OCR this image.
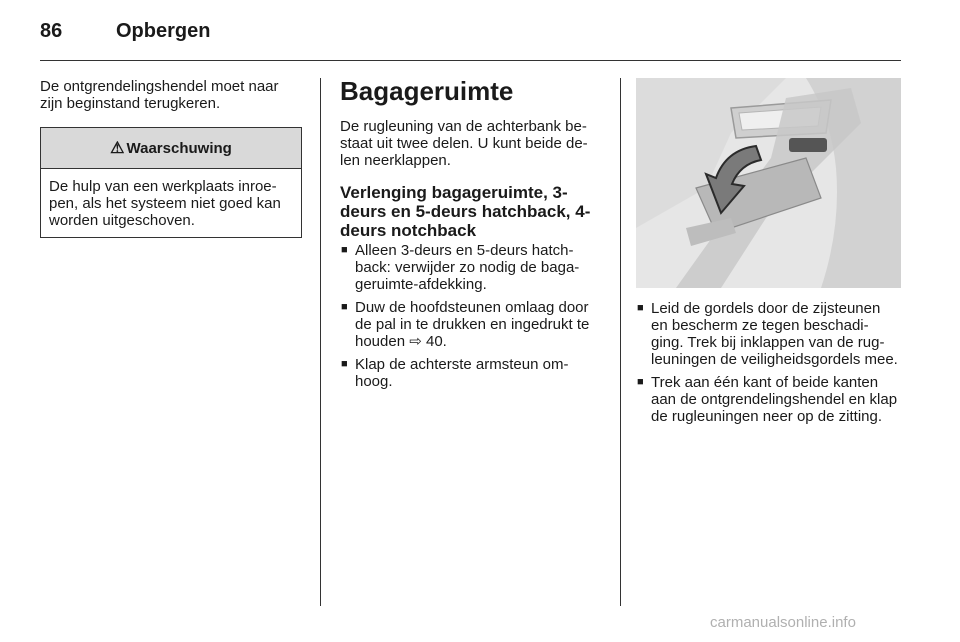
86	Opbergen

De ontgrendelingshendel moet naar zijn beginstand terugkeren.

⚠ Waarschuwing
De hulp van een werkplaats inroe-pen, als het systeem niet goed kan worden uitgeschoven.
Bagageruimte

De rugleuning van de achterbank be-staat uit twee delen. U kunt beide de-len neerklappen.

Verlenging bagageruimte, 3-deurs en 5-deurs hatchback, 4-deurs notchback
■ Alleen 3-deurs en 5-deurs hatch-back: verwijder zo nodig de baga-geruimte-afdekking.
■ Duw de hoofdsteunen omlaag door de pal in te drukken en ingedrukt te houden ⇨ 40.
■ Klap de achterste armsteun om-hoog.
■ Leid de gordels door de zijsteunen en bescherm ze tegen beschadi-ging. Trek bij inklappen van de rug-leuningen de veiligheidsgordels mee.
■ Trek aan één kant of beide kanten aan de ontgrendelingshendel en klap de rugleuningen neer op de zitting.
carmanualsonline.info
